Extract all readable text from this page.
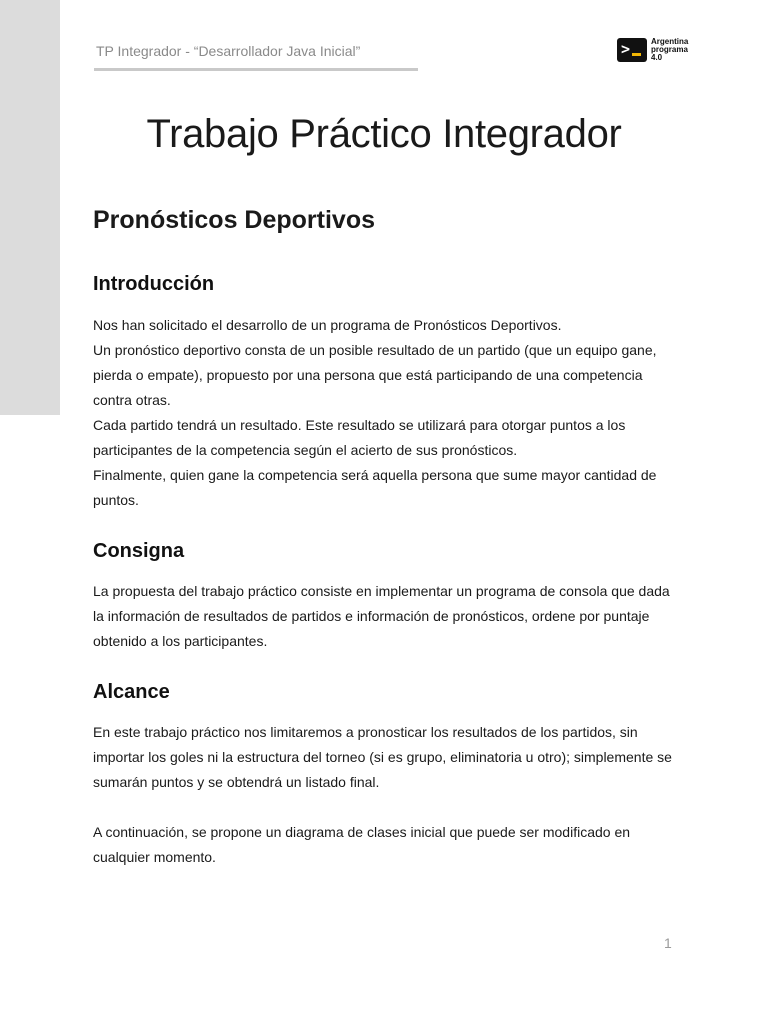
TP Integrador - “Desarrollador Java Inicial”	>	Argentina
programa
4.0
Trabajo Práctico Integrador
Pronósticos Deportivos
Introducción
Nos han solicitado el desarrollo de un programa de Pronósticos Deportivos.
Un pronóstico deportivo consta de un posible resultado de un partido (que un equipo gane,
pierda o empate), propuesto por una persona que está participando de una competencia
contra otras.
Cada partido tendrá un resultado. Este resultado se utilizará para otorgar puntos a los
participantes de la competencia según el acierto de sus pronósticos.
Finalmente, quien gane la competencia será aquella persona que sume mayor cantidad de
puntos.
Consigna
La propuesta del trabajo práctico consiste en implementar un programa de consola que dada
la información de resultados de partidos e información de pronósticos, ordene por puntaje
obtenido a los participantes.
Alcance
En este trabajo práctico nos limitaremos a pronosticar los resultados de los partidos, sin
importar los goles ni la estructura del torneo (si es grupo, eliminatoria u otro); simplemente se
sumarán puntos y se obtendrá un listado final.
A continuación, se propone un diagrama de clases inicial que puede ser modificado en
cualquier momento.
1
